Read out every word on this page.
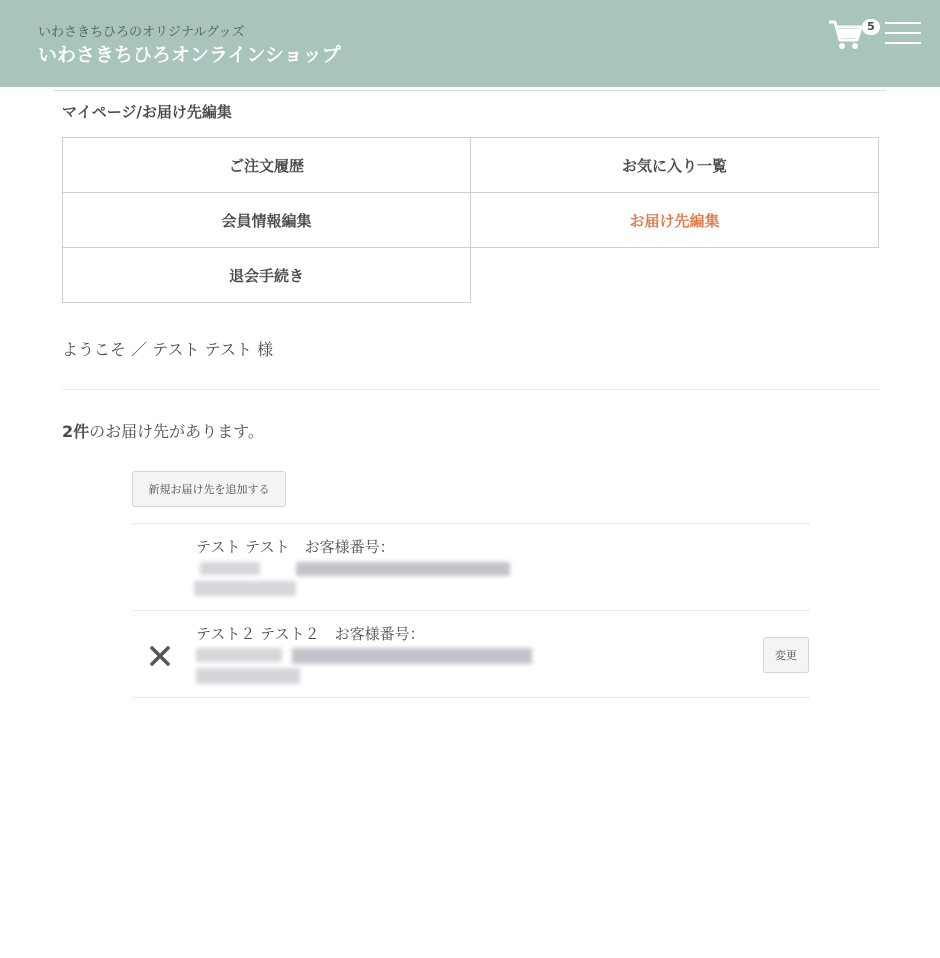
いわさきちひろのオリジナルグッズ
いわさきちひろオンラインショップ
5
マイページ/お届け先編集
ご注文履歴	お気に入り一覧
会員情報編集	お届け先編集
退会手続き
ようこそ ／ テスト テスト 様
2件のお届け先があります。
新規お届け先を追加する
テスト テスト　お客様番号：
テスト２ テスト２　お客様番号：
変更
